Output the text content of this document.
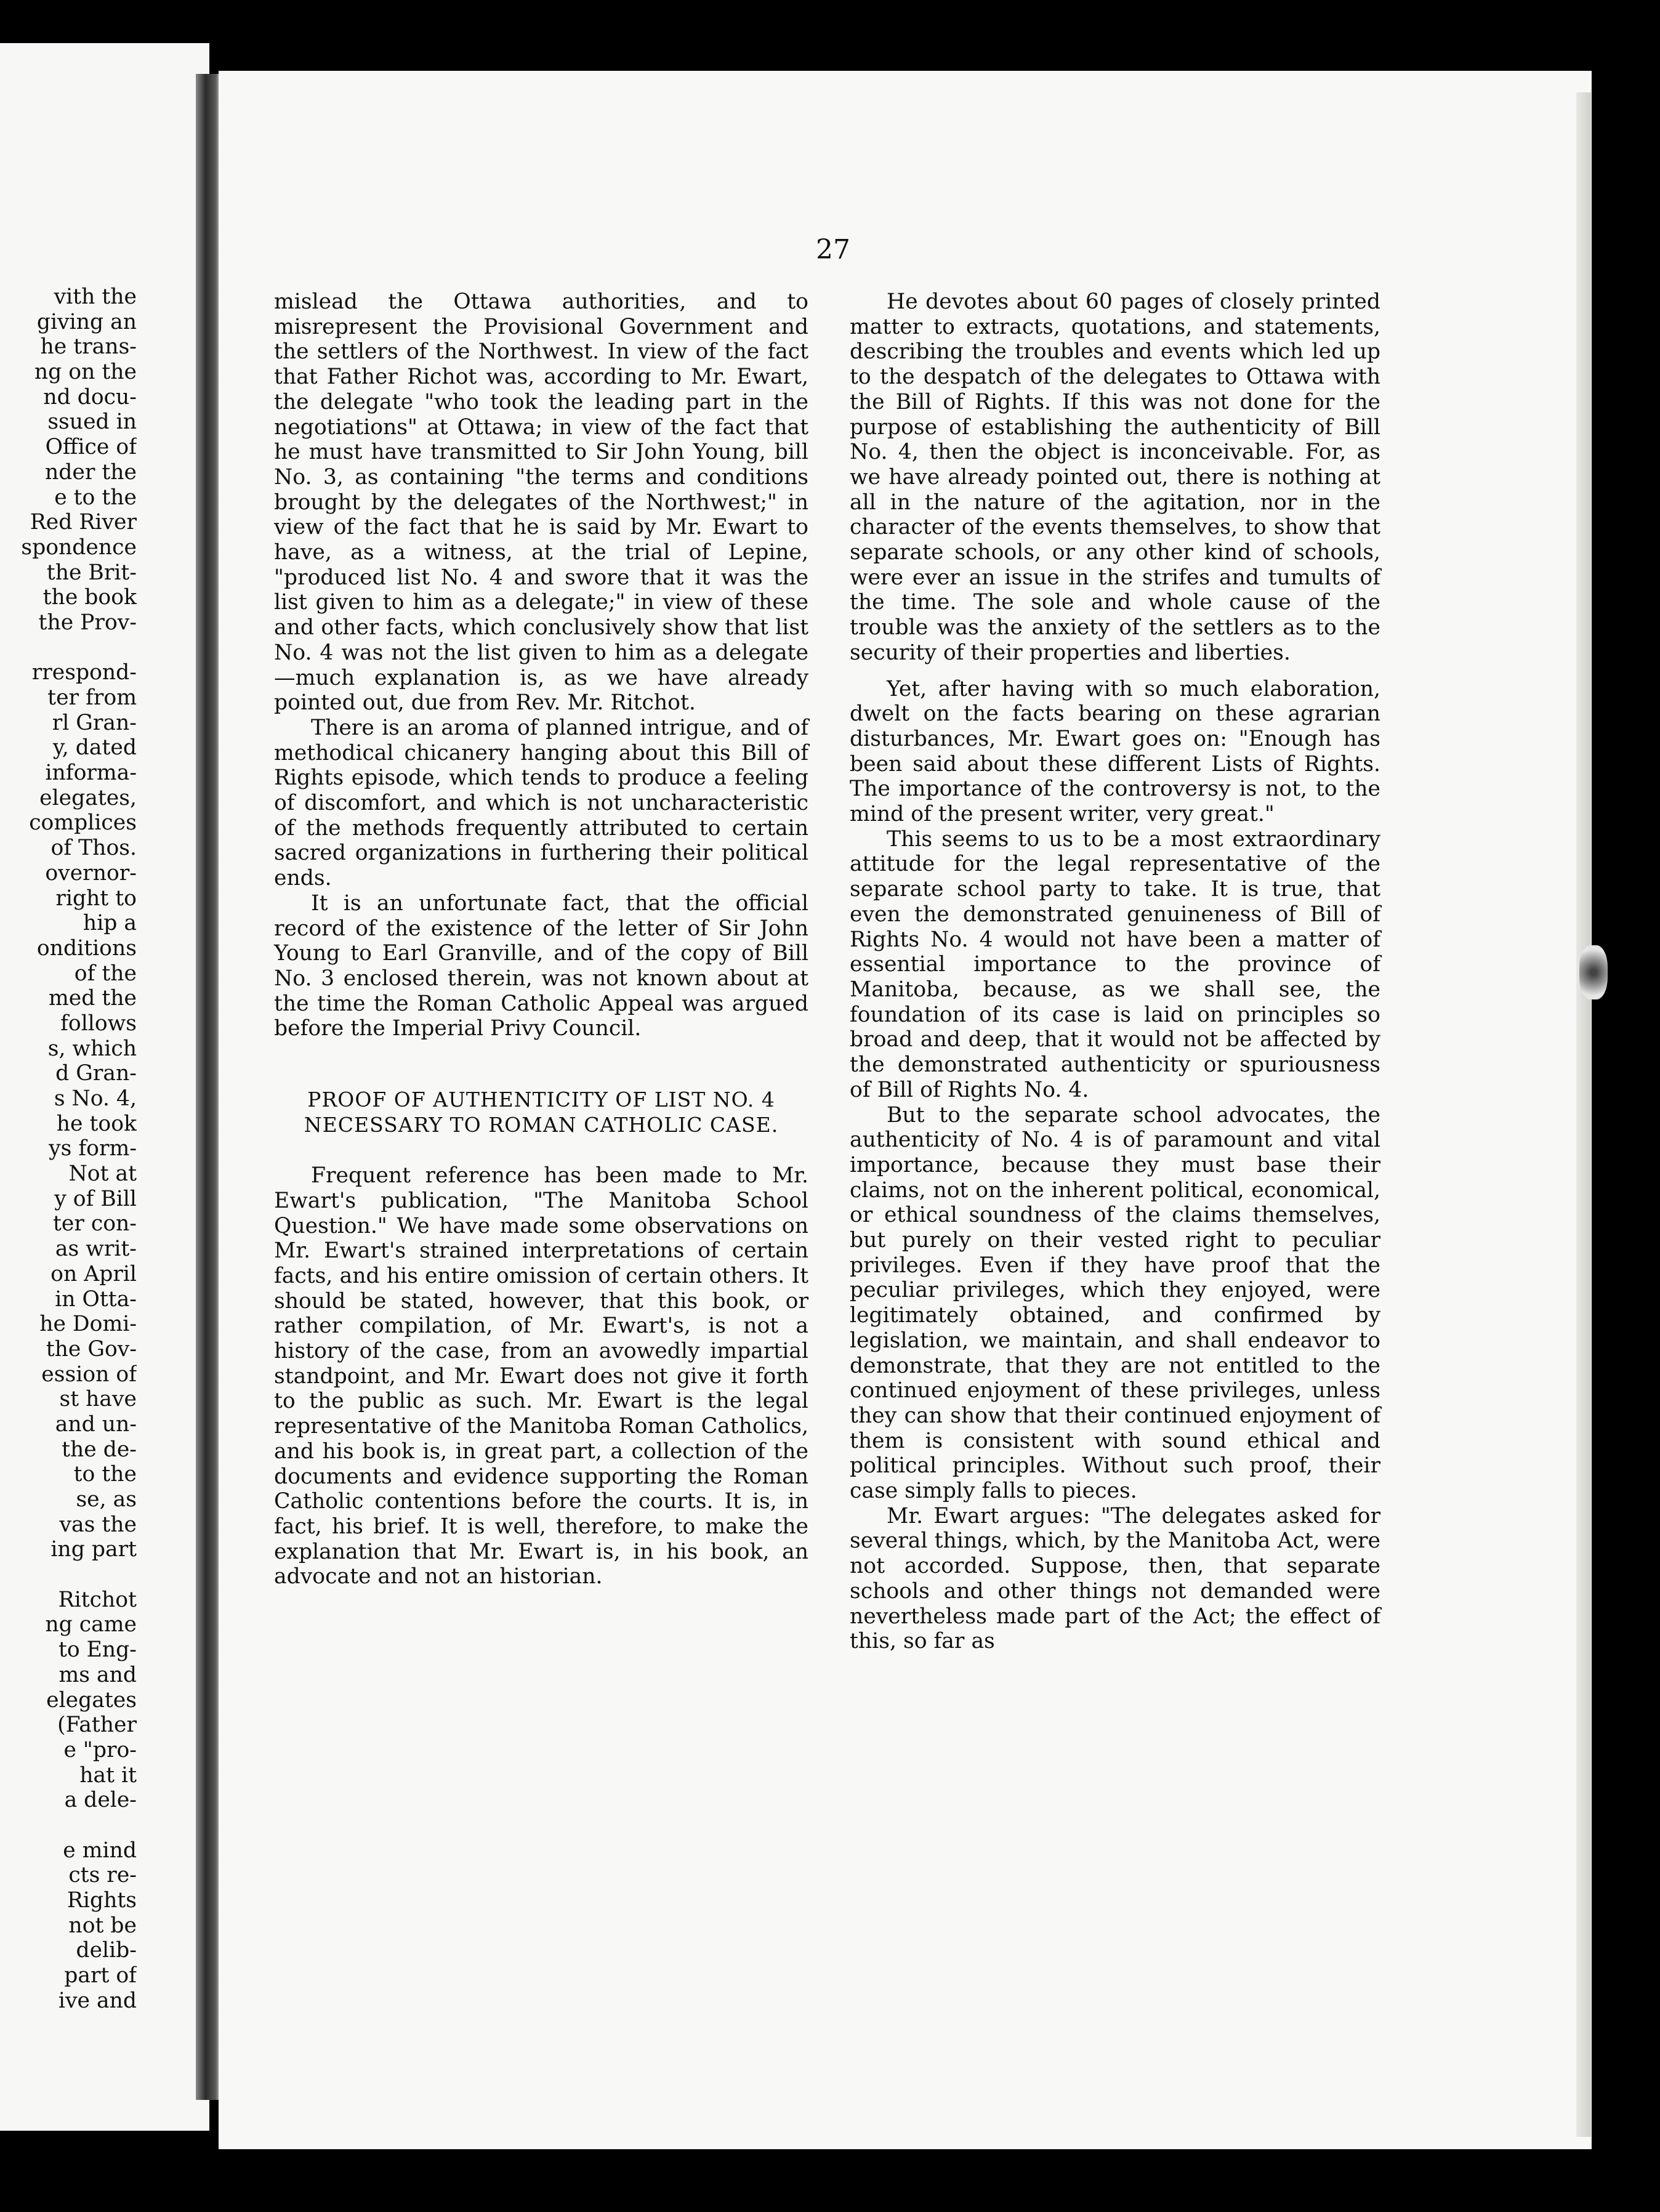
vith the
giving an
he trans-
ng on the
nd docu-
ssued in
Office of
nder the
e to the
Red River
spondence
the Brit-
the book
the Prov-
rrespond-
ter from
rl Gran-
y, dated
informa-
elegates,
complices
of Thos.
overnor-
right to
hip a
onditions
of the
med the
follows
s, which
d Gran-
s No. 4,
he took
ys form-
Not at
y of Bill
ter con-
as writ-
on April
in Otta-
he Domi-
the Gov-
ession of
st have
and un-
the de-
to the
se, as
vas the
ing part
Ritchot
ng came
to Eng-
ms and
elegates
(Father
e "pro-
hat it
a dele-
e mind
cts re-
Rights
not be
delib-
part of
ive and
27

mislead the Ottawa authorities, and to misrepresent the Provisional Government and the settlers of the Northwest. In view of the fact that Father Richot was, according to Mr. Ewart, the delegate "who took the leading part in the negotiations" at Ottawa; in view of the fact that he must have transmitted to Sir John Young, bill No. 3, as containing "the terms and conditions brought by the delegates of the Northwest;" in view of the fact that he is said by Mr. Ewart to have, as a witness, at the trial of Lepine, "produced list No. 4 and swore that it was the list given to him as a delegate;" in view of these and other facts, which conclusively show that list No. 4 was not the list given to him as a delegate—much explanation is, as we have already pointed out, due from Rev. Mr. Ritchot.

There is an aroma of planned intrigue, and of methodical chicanery hanging about this Bill of Rights episode, which tends to produce a feeling of discomfort, and which is not uncharacteristic of the methods frequently attributed to certain sacred organizations in furthering their political ends.

It is an unfortunate fact, that the official record of the existence of the letter of Sir John Young to Earl Granville, and of the copy of Bill No. 3 enclosed therein, was not known about at the time the Roman Catholic Appeal was argued before the Imperial Privy Council.

PROOF OF AUTHENTICITY OF LIST NO. 4 NECESSARY TO ROMAN CATHOLIC CASE.

Frequent reference has been made to Mr. Ewart's publication, "The Manitoba School Question." We have made some observations on Mr. Ewart's strained interpretations of certain facts, and his entire omission of certain others. It should be stated, however, that this book, or rather compilation, of Mr. Ewart's, is not a history of the case, from an avowedly impartial standpoint, and Mr. Ewart does not give it forth to the public as such. Mr. Ewart is the legal representative of the Manitoba Roman Catholics, and his book is, in great part, a collection of the documents and evidence supporting the Roman Catholic contentions before the courts. It is, in fact, his brief. It is well, therefore, to make the explanation that Mr. Ewart is, in his book, an advocate and not an historian.

He devotes about 60 pages of closely printed matter to extracts, quotations, and statements, describing the troubles and events which led up to the despatch of the delegates to Ottawa with the Bill of Rights. If this was not done for the purpose of establishing the authenticity of Bill No. 4, then the object is inconceivable. For, as we have already pointed out, there is nothing at all in the nature of the agitation, nor in the character of the events themselves, to show that separate schools, or any other kind of schools, were ever an issue in the strifes and tumults of the time. The sole and whole cause of the trouble was the anxiety of the settlers as to the security of their properties and liberties.

Yet, after having with so much elaboration, dwelt on the facts bearing on these agrarian disturbances, Mr. Ewart goes on: "Enough has been said about these different Lists of Rights. The importance of the controversy is not, to the mind of the present writer, very great."

This seems to us to be a most extraordinary attitude for the legal representative of the separate school party to take. It is true, that even the demonstrated genuineness of Bill of Rights No. 4 would not have been a matter of essential importance to the province of Manitoba, because, as we shall see, the foundation of its case is laid on principles so broad and deep, that it would not be affected by the demonstrated authenticity or spuriousness of Bill of Rights No. 4.

But to the separate school advocates, the authenticity of No. 4 is of paramount and vital importance, because they must base their claims, not on the inherent political, economical, or ethical soundness of the claims themselves, but purely on their vested right to peculiar privileges. Even if they have proof that the peculiar privileges, which they enjoyed, were legitimately obtained, and confirmed by legislation, we maintain, and shall endeavor to demonstrate, that they are not entitled to the continued enjoyment of these privileges, unless they can show that their continued enjoyment of them is consistent with sound ethical and political principles. Without such proof, their case simply falls to pieces.

Mr. Ewart argues: "The delegates asked for several things, which, by the Manitoba Act, were not accorded. Suppose, then, that separate schools and other things not demanded were nevertheless made part of the Act; the effect of this, so far as
